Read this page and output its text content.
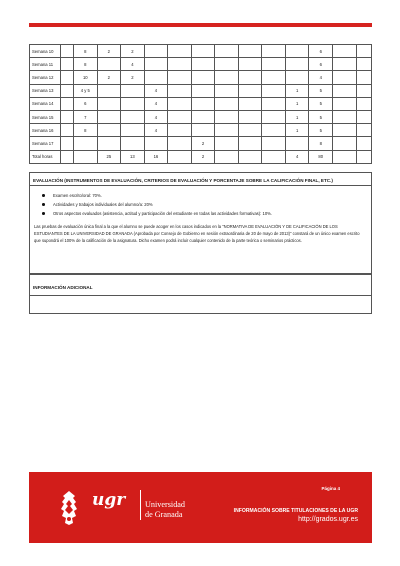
Semana 10		8	2	2								6		
Semana 11		8		4								6		
Semana 12		10	2	2								4		
Semana 13		4 y 5			4						1	5		
Semana 14		6			4						1	5		
Semana 15		7			4						1	5		
Semana 16		8			4						1	5		
Semana 17							2					8		
Total horas			25	13	16		2				4	80		
EVALUACIÓN (INSTRUMENTOS DE EVALUACIÓN, CRITERIOS DE EVALUACIÓN Y PORCENTAJE SOBRE LA CALIFICACIÓN FINAL, ETC.)
Examen escrito/oral: 70%.
Actividades y trabajos individuales del alumno/a: 20%
Otros aspectos evaluados (asistencia, actitud y participación del estudiante en todas las actividades formativas): 10%.
Las pruebas de evaluación única final a la que el alumno se puede acoger en los casos indicados en la "NORMATIVA DE EVALUACIÓN Y DE CALIFICACIÓN DE LOS ESTUDIANTES DE LA UNIVERSIDAD DE GRANADA (Aprobada por Consejo de Gobierno en sesión extraordinaria de 20 de mayo de 2013)" constará de un único examen escrito que supondrá el 100% de la calificación de la asignatura. Dicho examen podrá incluir cualquier contenido de la parte teórica o seminarios prácticos.
INFORMACIÓN ADICIONAL
ugr Universidad
de Granada
Página 4
INFORMACIÓN SOBRE TITULACIONES DE LA UGR
http://grados.ugr.es
